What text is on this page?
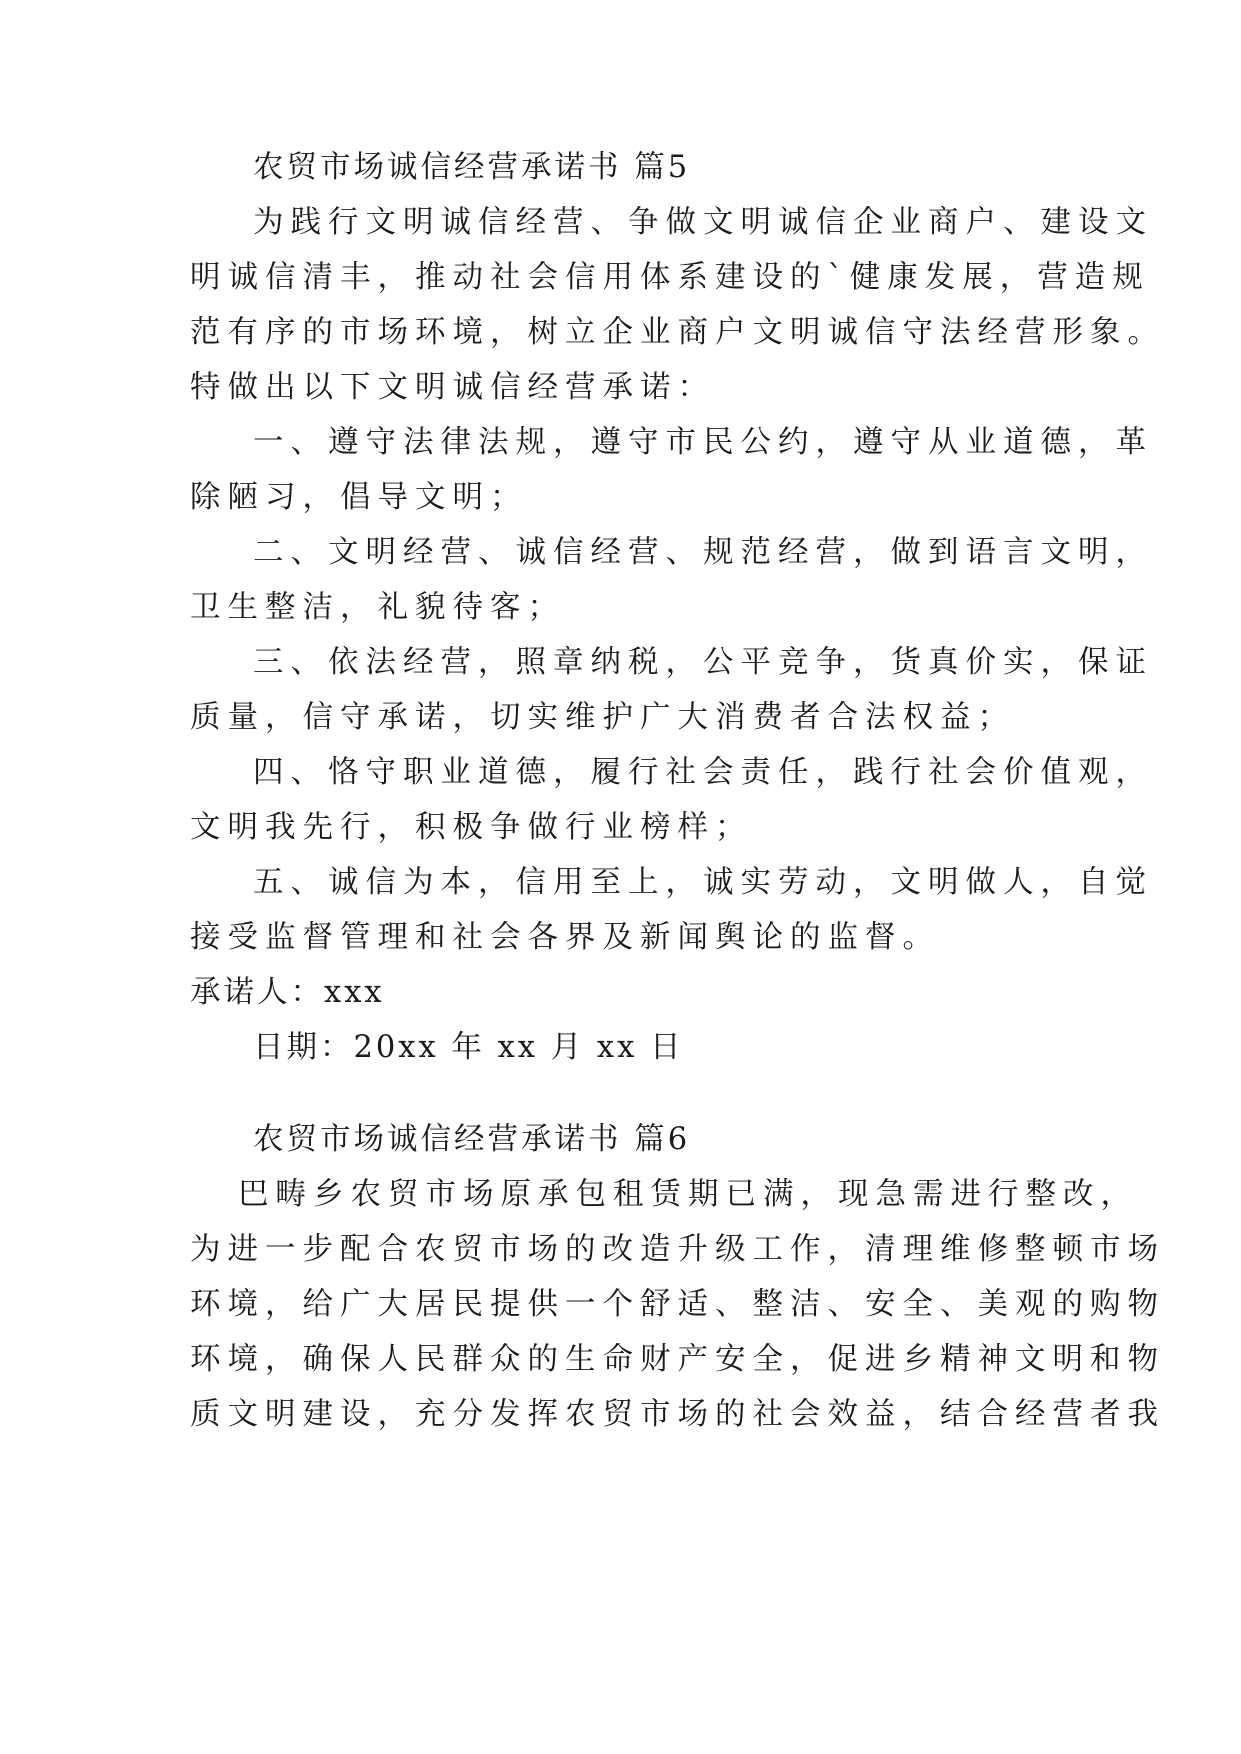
农贸市场诚信经营承诺书 篇5
为践行文明诚信经营、争做文明诚信企业商户、建设文
明诚信清丰，推动社会信用体系建设的`健康发展，营造规
范有序的市场环境，树立企业商户文明诚信守法经营形象。
特做出以下文明诚信经营承诺：
一、遵守法律法规，遵守市民公约，遵守从业道德，革
除陋习，倡导文明；
二、文明经营、诚信经营、规范经营，做到语言文明，
卫生整洁，礼貌待客；
三、依法经营，照章纳税，公平竞争，货真价实，保证
质量，信守承诺，切实维护广大消费者合法权益；
四、恪守职业道德，履行社会责任，践行社会价值观，
文明我先行，积极争做行业榜样；
五、诚信为本，信用至上，诚实劳动，文明做人，自觉
接受监督管理和社会各界及新闻舆论的监督。
承诺人：xxx
日期：20xx 年 xx 月 xx 日
农贸市场诚信经营承诺书 篇6
巴畴乡农贸市场原承包租赁期已满，现急需进行整改，
为进一步配合农贸市场的改造升级工作，清理维修整顿市场
环境，给广大居民提供一个舒适、整洁、安全、美观的购物
环境，确保人民群众的生命财产安全，促进乡精神文明和物
质文明建设，充分发挥农贸市场的社会效益，结合经营者我
